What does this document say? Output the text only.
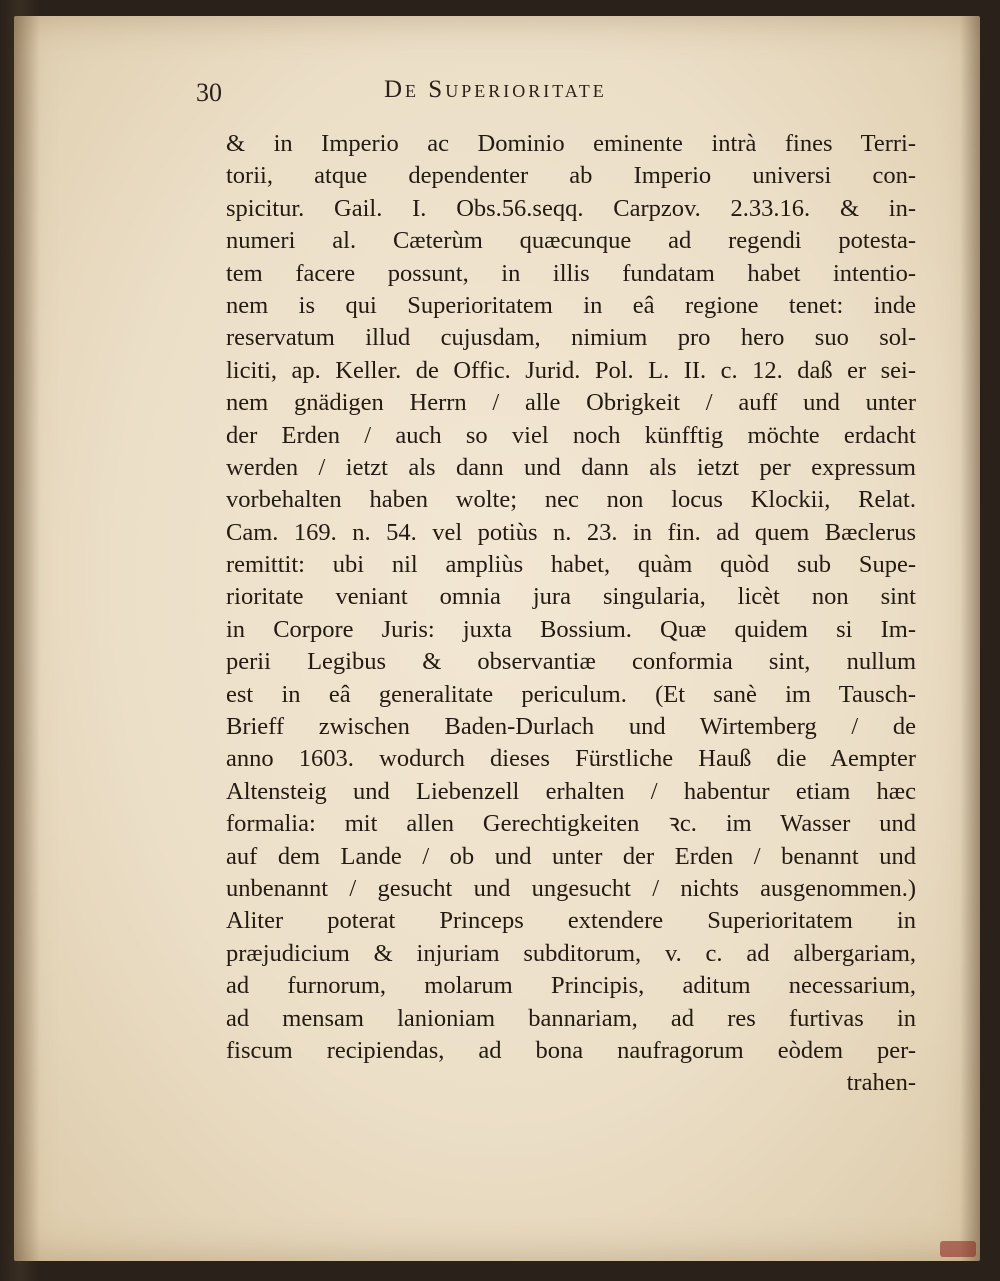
30	De Superioritate
& in Imperio ac Dominio eminente intrà fines Terri-
torii, atque dependenter ab Imperio universi con-
spicitur. Gail. I. Obs.56.seqq. Carpzov. 2.33.16. & in-
numeri al. Cæterùm quæcunque ad regendi potesta-
tem facere possunt, in illis fundatam habet intentio-
nem is qui Superioritatem in eâ regione tenet: inde
reservatum illud cujusdam, nimium pro hero suo sol-
liciti, ap. Keller. de Offic. Jurid. Pol. L. II. c. 12. daß er sei-
nem gnädigen Herrn / alle Obrigkeit / auff und unter
der Erden / auch so viel noch künfftig möchte erdacht
werden / ietzt als dann und dann als ietzt per expressum
vorbehalten haben wolte; nec non locus Klockii, Relat.
Cam. 169. n. 54. vel potiùs n. 23. in fin. ad quem Bæclerus
remittit: ubi nil ampliùs habet, quàm quòd sub Supe-
rioritate veniant omnia jura singularia, licèt non sint
in Corpore Juris: juxta Bossium. Quæ quidem si Im-
perii Legibus & observantiæ conformia sint, nullum
est in eâ generalitate periculum. (Et sanè im Tausch-
Brieff zwischen Baden-Durlach und Wirtemberg / de
anno 1603. wodurch dieses Fürstliche Hauß die Aempter
Altensteig und Liebenzell erhalten / habentur etiam hæc
formalia: mit allen Gerechtigkeiten ꝛc. im Wasser und
auf dem Lande / ob und unter der Erden / benannt und
unbenannt / gesucht und ungesucht / nichts ausgenommen.)
Aliter poterat Princeps extendere Superioritatem in
præjudicium & injuriam subditorum, v. c. ad albergariam,
ad furnorum, molarum Principis, aditum necessarium,
ad mensam lanioniam bannariam, ad res furtivas in
fiscum recipiendas, ad bona naufragorum eòdem per-
trahen-
